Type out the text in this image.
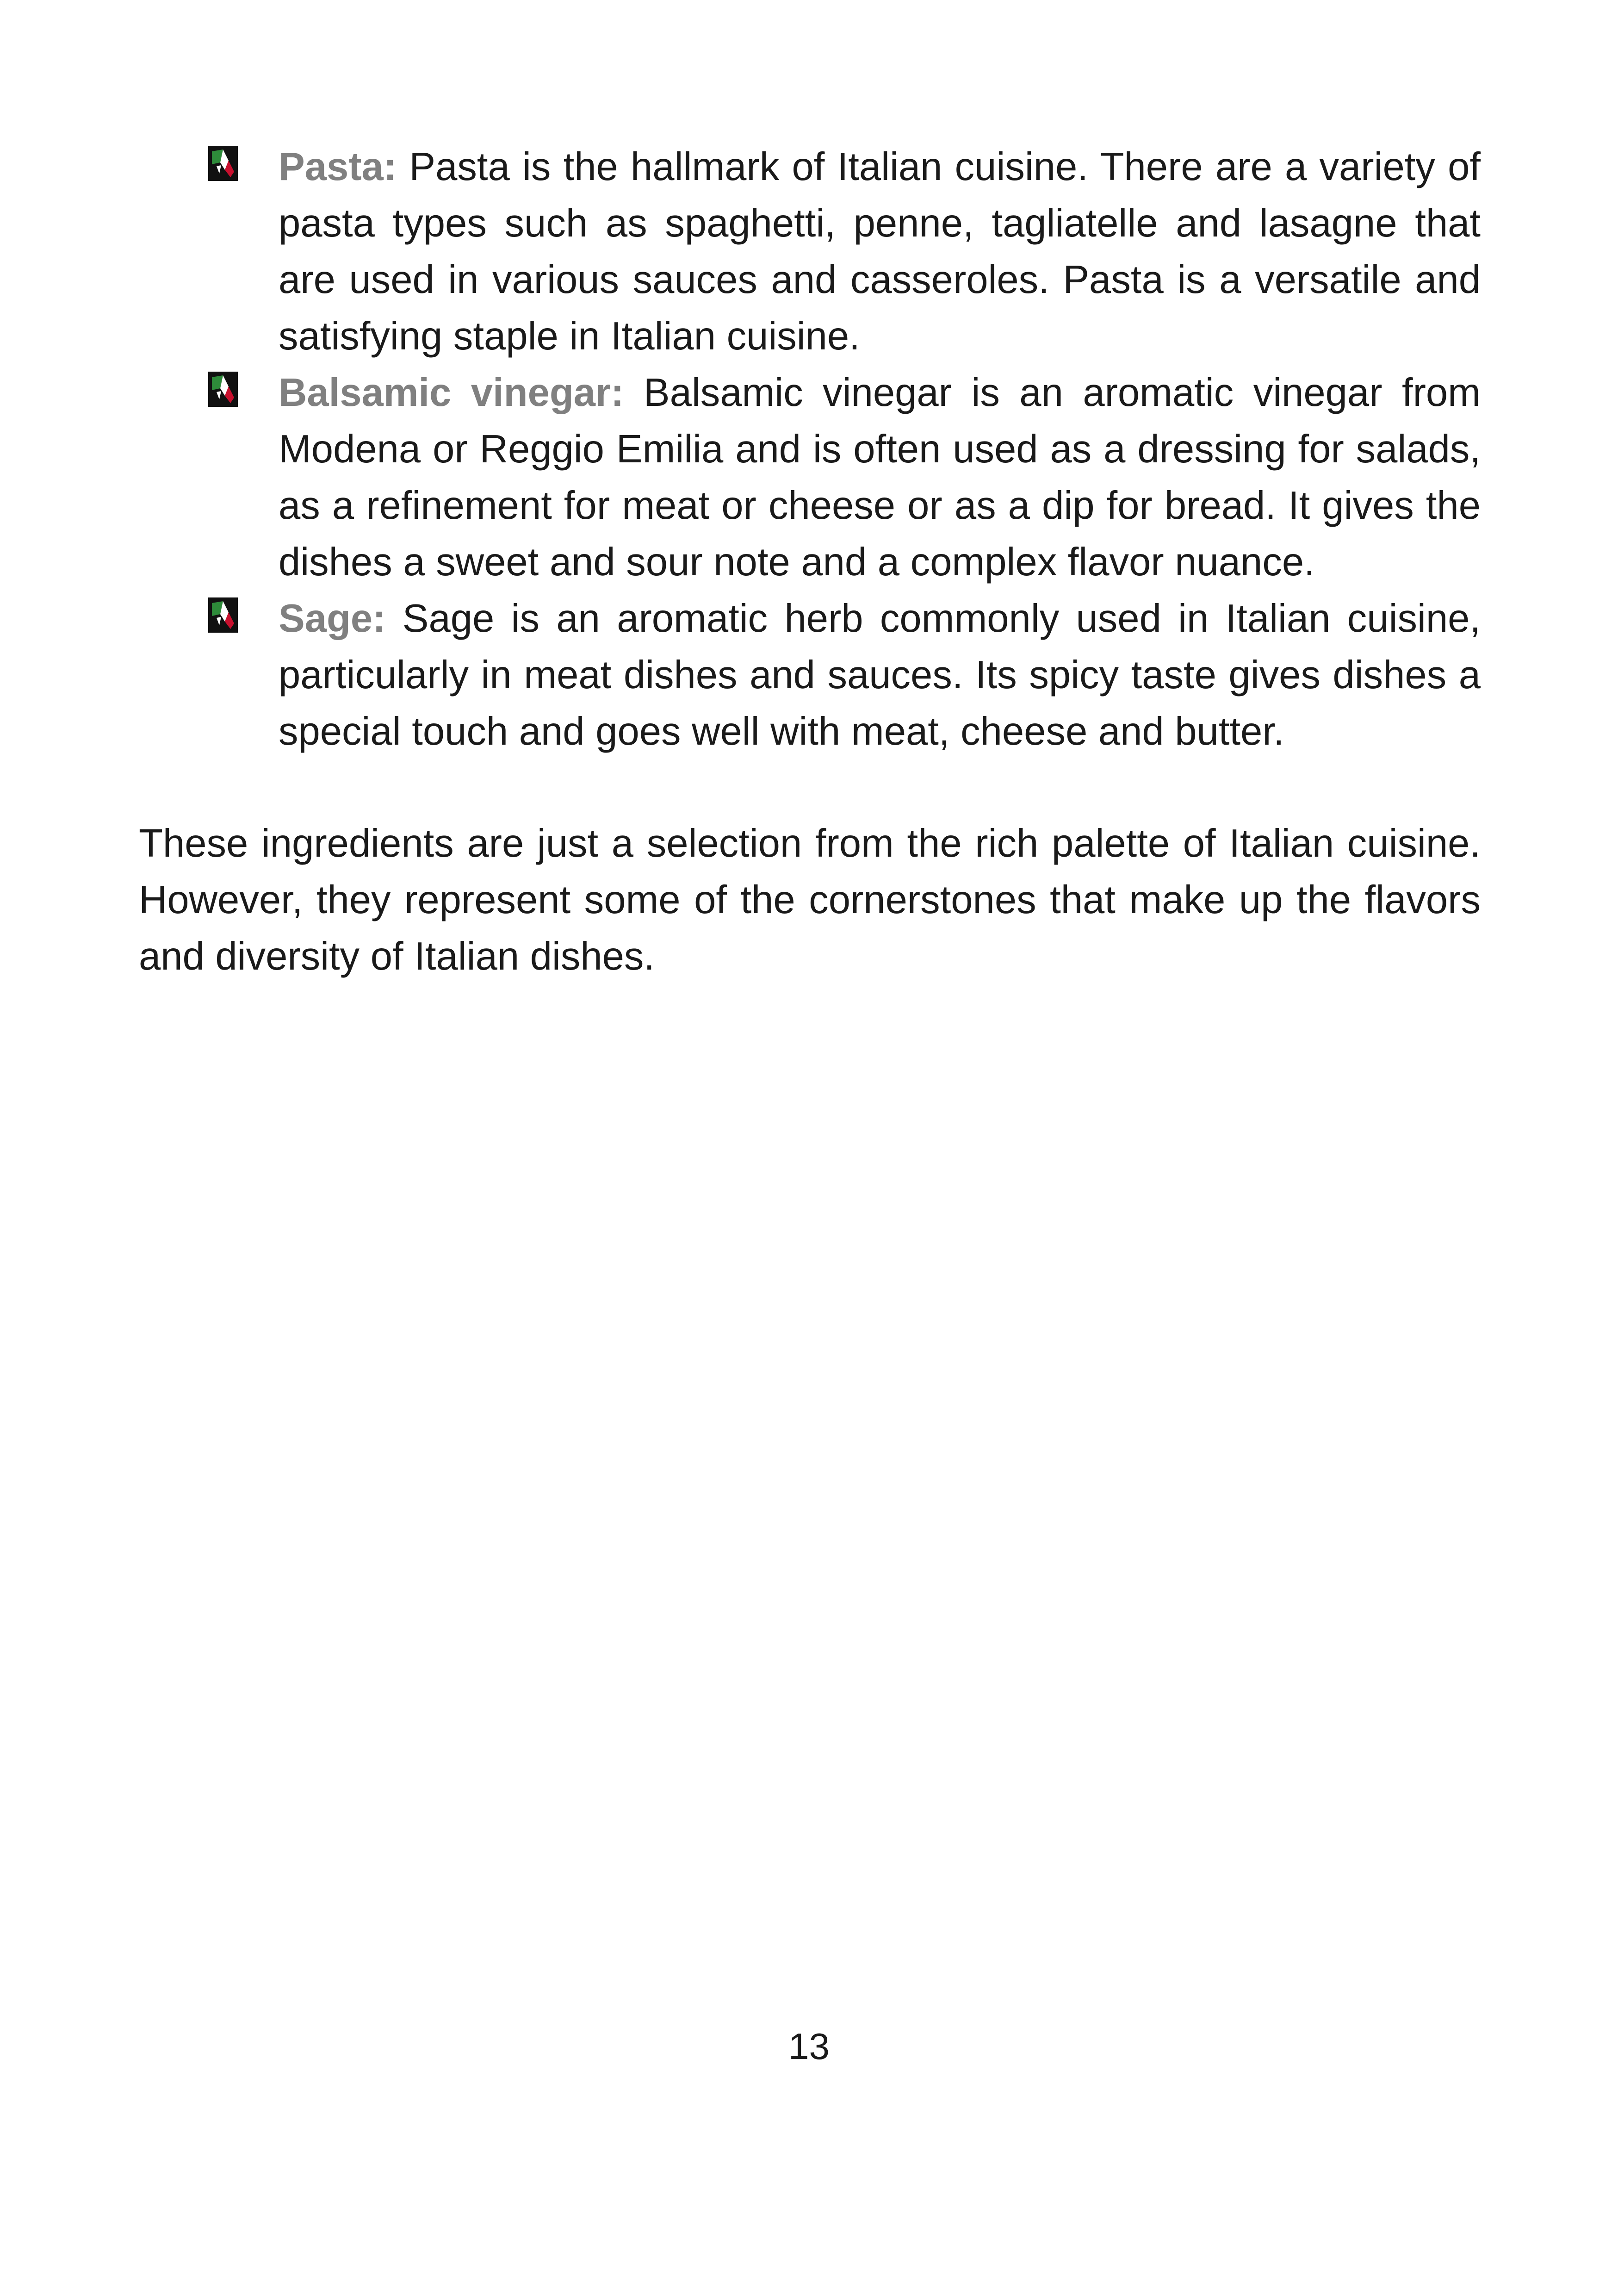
Pasta: Pasta is the hallmark of Italian cuisine. There are a variety of pasta types such as spaghetti, penne, tagliatelle and lasagne that are used in various sauces and casseroles. Pasta is a versatile and satisfying staple in Italian cuisine.
Balsamic vinegar: Balsamic vinegar is an aromatic vinegar from Modena or Reggio Emilia and is often used as a dressing for salads, as a refinement for meat or cheese or as a dip for bread. It gives the dishes a sweet and sour note and a complex flavor nuance.
Sage: Sage is an aromatic herb commonly used in Italian cuisine, particularly in meat dishes and sauces. Its spicy taste gives dishes a special touch and goes well with meat, cheese and butter.

These ingredients are just a selection from the rich palette of Italian cuisine. However, they represent some of the cornerstones that make up the flavors and diversity of Italian dishes.

13
